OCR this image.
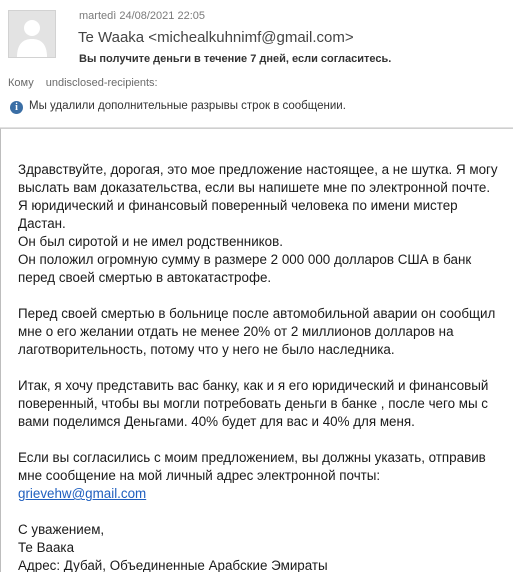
martedì 24/08/2021 22:05
Te Waaka <michealkuhnimf@gmail.com>
Вы получите деньги в течение 7 дней, если согласитесь.
Кому undisclosed-recipients:
i Мы удалили дополнительные разрывы строк в сообщении.

Здравствуйте, дорогая, это мое предложение настоящее, а не шутка. Я могу

выслать вам доказательства, если вы напишете мне по электронной почте.

Я юридический и финансовый поверенный человека по имени мистер

Дастан.

Он был сиротой и не имел родственников.

Он положил огромную сумму в размере 2 000 000 долларов США в банк

перед своей смертью в автокатастрофе.

Перед своей смертью в больнице после автомобильной аварии он сообщил

мне о его желании отдать не менее 20% от 2 миллионов долларов на

лаготворительность, потому что у него не было наследника.

Итак, я хочу представить вас банку, как и я его юридический и финансовый

поверенный, чтобы вы могли потребовать деньги в банке , после чего мы с

вами поделимся Деньгами. 40% будет для вас и 40% для меня.

Если вы согласились с моим предложением, вы должны указать, отправив

мне сообщение на мой личный адрес электронной почты:

grievehw@gmail.com

С уважением,

Те Ваака

Адрес: Дубай, Объединенные Арабские Эмираты
